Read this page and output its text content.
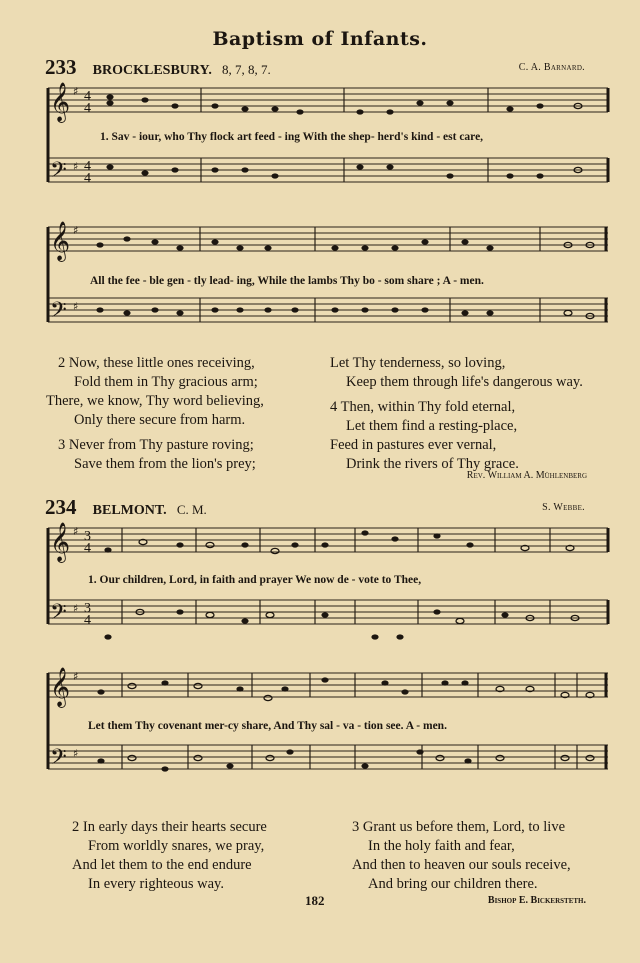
Baptism of Infants.
233 BROCKLESBURY. 8, 7, 8, 7.	C. A. Barnard.
𝄞
𝄢
𝄞
𝄢
𝄞
𝄢
𝄞
𝄢
♯
♯
♯
♯
♯
♯
♯
♯
4
4
4
4
3
4
3
4
1. Sav - iour, who Thy flock art feed - ing With the shep- herd's kind - est care,
All the fee - ble gen - tly lead- ing, While the lambs Thy bo - som share ; A - men.
2 Now, these little ones receiving,
Fold them in Thy gracious arm;
There, we know, Thy word believing,
Only there secure from harm.
3 Never from Thy pasture roving;
Save them from the lion's prey;
Let Thy tenderness, so loving,
Keep them through life's dangerous way.
4 Then, within Thy fold eternal,
Let them find a resting-place,
Feed in pastures ever vernal,
Drink the rivers of Thy grace.
Rev. William A. Mühlenberg
234 BELMONT. C. M.	S. Webbe.
1. Our children, Lord, in faith and prayer We now de - vote to Thee,
Let them Thy covenant mer-cy share, And Thy sal - va - tion see. A - men.
2 In early days their hearts secure
From worldly snares, we pray,
And let them to the end endure
In every righteous way.
3 Grant us before them, Lord, to live
In the holy faith and fear,
And then to heaven our souls receive,
And bring our children there.
182	Bishop E. Bickersteth.
